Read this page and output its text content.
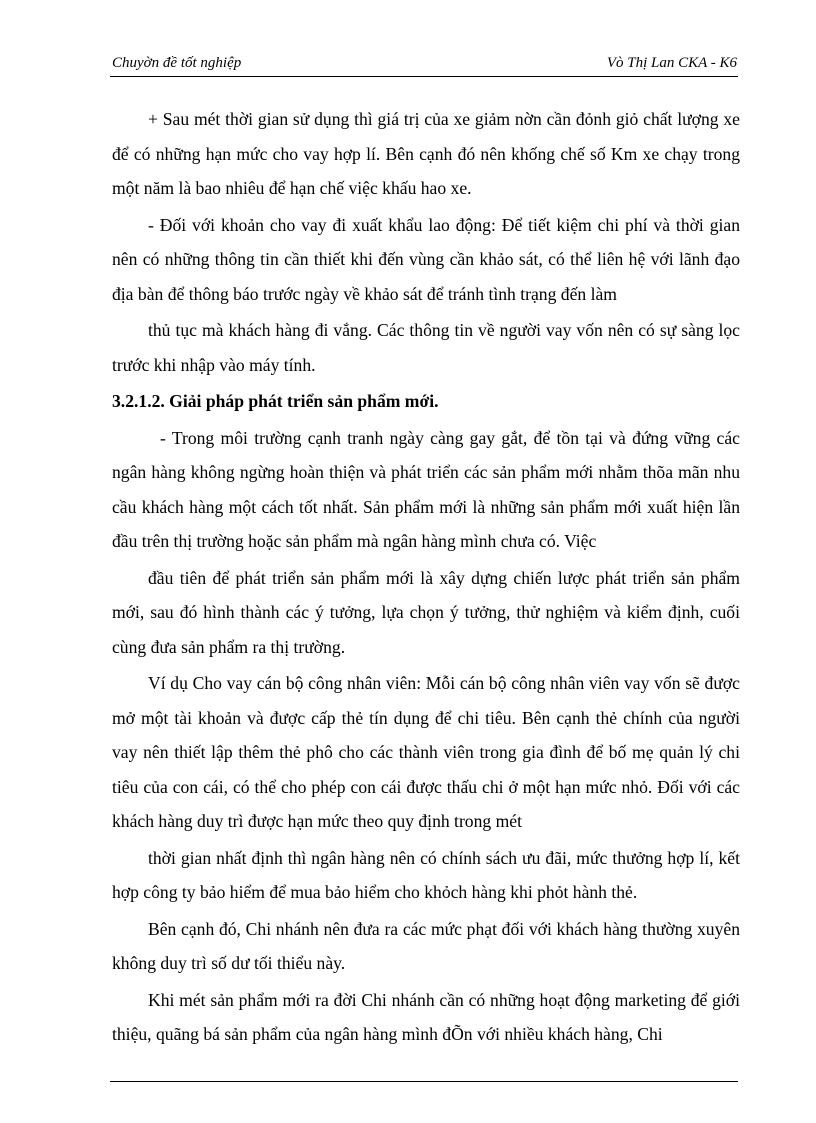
Chuyờn đề tốt nghiệp	Vò Thị Lan CKA - K6

+ Sau mét thời gian sử dụng thì giá trị của xe giảm nờn cần đỏnh giỏ chất lượng xe để có những hạn mức cho vay hợp lí. Bên cạnh đó nên khống chế số Km xe chạy trong một năm là bao nhiêu để hạn chế việc khấu hao xe.

- Đối với khoản cho vay đi xuất khẩu lao động: Để tiết kiệm chi phí và thời gian nên có những thông tin cần thiết khi đến vùng cần khảo sát, có thể liên hệ với lãnh đạo địa bàn để thông báo trước ngày về khảo sát để tránh tình trạng đến làm

thủ tục mà khách hàng đi vắng. Các thông tin về người vay vốn nên có sự sàng lọc trước khi nhập vào máy tính.

3.2.1.2. Giải pháp phát triển sản phẩm mới.

- Trong môi trường cạnh tranh ngày càng gay gắt, để tồn tại và đứng vững các ngân hàng không ngừng hoàn thiện và phát triển các sản phẩm mới nhằm thõa mãn nhu cầu khách hàng một cách tốt nhất. Sản phẩm mới là những sản phẩm mới xuất hiện lần đầu trên thị trường hoặc sản phẩm mà ngân hàng mình chưa có. Việc

đầu tiên để phát triển sản phẩm mới là xây dựng chiến lược phát triển sản phẩm mới, sau đó hình thành các ý tưởng, lựa chọn ý tưởng, thử nghiệm và kiểm định, cuối cùng đưa sản phẩm ra thị trường.

Ví dụ Cho vay cán bộ công nhân viên: Mỗi cán bộ công nhân viên vay vốn sẽ được mở một tài khoản và được cấp thẻ tín dụng để chi tiêu. Bên cạnh thẻ chính của người vay nên thiết lập thêm thẻ phô cho các thành viên trong gia đình để bố mẹ quản lý chi tiêu của con cái, có thể cho phép con cái được thấu chi ở một hạn mức nhỏ. Đối với các khách hàng duy trì được hạn mức theo quy định trong mét

thời gian nhất định thì ngân hàng nên có chính sách ưu đãi, mức thưởng hợp lí, kết hợp công ty bảo hiểm để mua bảo hiểm cho khỏch hàng khi phỏt hành thẻ.

Bên cạnh đó, Chi nhánh nên đưa ra các mức phạt đối với khách hàng thường xuyên không duy trì số dư tối thiểu này.

Khi mét sản phẩm mới ra đời Chi nhánh cần có những hoạt động marketing để giới thiệu, quãng bá sản phẩm của ngân hàng mình đÕn với nhiều khách hàng, Chi
